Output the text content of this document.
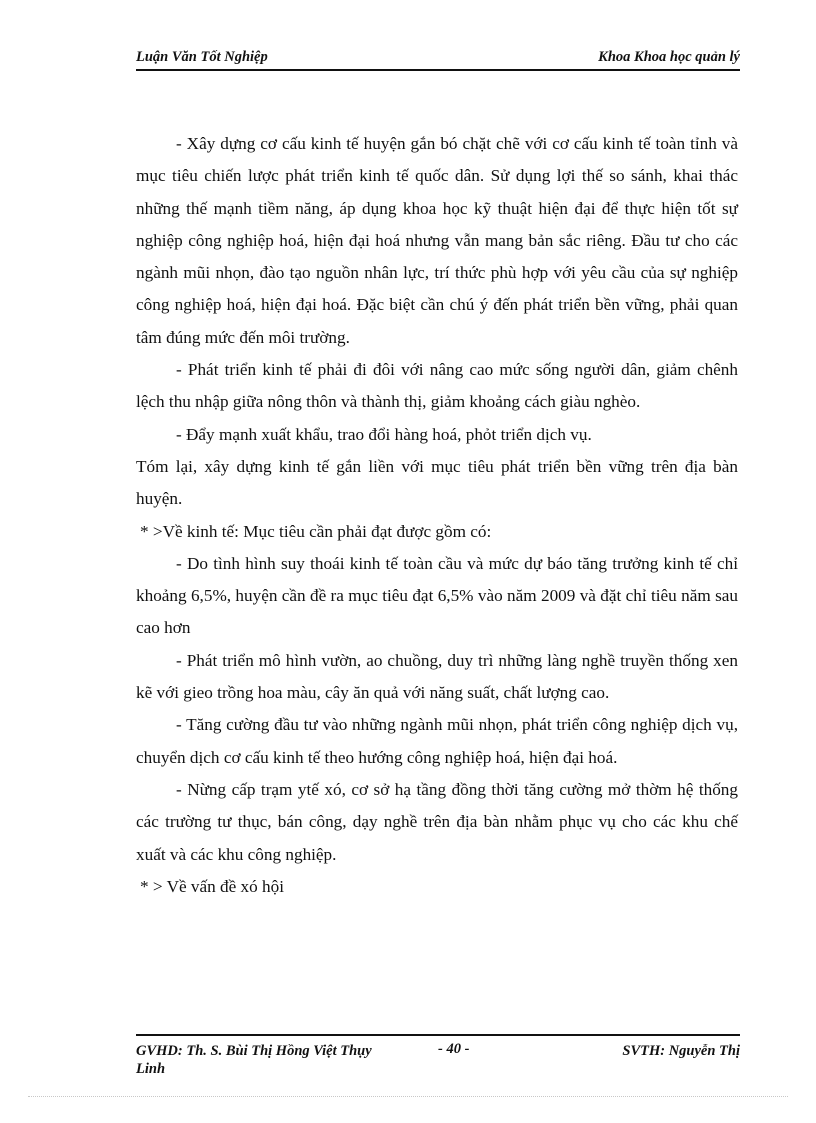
Luận Văn Tốt Nghiệp	Khoa Khoa học quản lý

- Xây dựng cơ cấu kinh tế huyện gắn bó chặt chẽ với cơ cấu kinh tế toàn tỉnh và mục tiêu chiến lược phát triển kinh tế quốc dân. Sử dụng lợi thế so sánh, khai thác những thế mạnh tiềm năng, áp dụng khoa học kỹ thuật hiện đại để thực hiện tốt sự nghiệp công nghiệp hoá, hiện đại hoá nhưng vẫn mang bản sắc riêng. Đầu tư cho các ngành mũi nhọn, đào tạo nguồn nhân lực, trí thức phù hợp với yêu cầu của sự nghiệp công nghiệp hoá, hiện đại hoá. Đặc biệt cần chú ý đến phát triển bền vững, phải quan tâm đúng mức đến môi trường.

- Phát triển kinh tế phải đi đôi với nâng cao mức sống người dân, giảm chênh lệch thu nhập giữa nông thôn và thành thị, giảm khoảng cách giàu nghèo.

- Đẩy mạnh xuất khẩu, trao đổi hàng hoá, phỏt triển dịch vụ.

Tóm lại, xây dựng kinh tế gắn liền với mục tiêu phát triển bền vững trên địa bàn huyện.

* >Về kinh tế: Mục tiêu cần phải đạt được gồm có:

- Do tình hình suy thoái kinh tế toàn cầu và mức dự báo tăng trưởng kinh tế chỉ khoảng 6,5%, huyện cần đề ra mục tiêu đạt 6,5% vào năm 2009 và đặt chỉ tiêu năm sau cao hơn

- Phát triển mô hình vườn, ao chuồng, duy trì những làng nghề truyền thống xen kẽ với gieo trồng hoa màu, cây ăn quả với năng suất, chất lượng cao.

- Tăng cường đầu tư vào những ngành mũi nhọn, phát triển công nghiệp dịch vụ, chuyển dịch cơ cấu kinh tế theo hướng công nghiệp hoá, hiện đại hoá.

- Nừng cấp trạm ytế xó, cơ sở hạ tầng đồng thời tăng cường mở thờm hệ thống các trường tư thục, bán công, dạy nghề trên địa bàn nhằm phục vụ cho các khu chế xuất và các khu công nghiệp.

* > Về vấn đề xó hội

GVHD: Th. S. Bùi Thị Hồng Việt Thụy Linh
- 40 -	SVTH: Nguyễn Thị
